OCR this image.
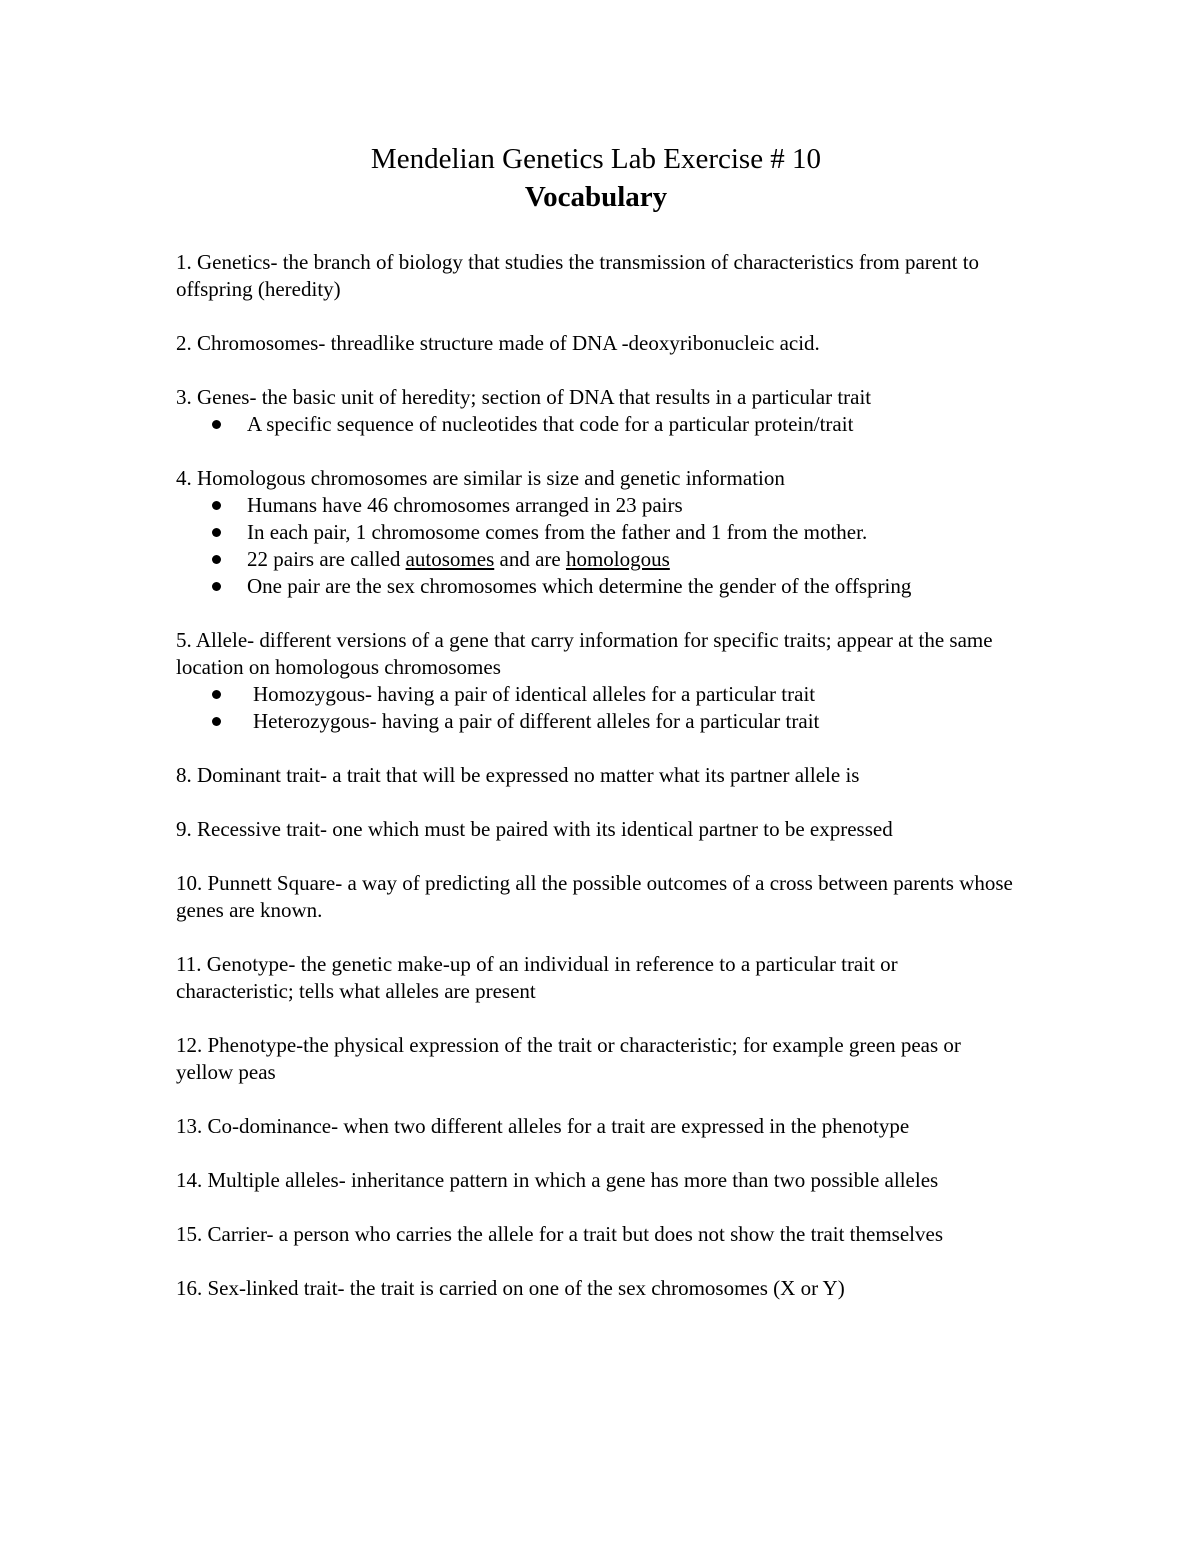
Mendelian Genetics Lab Exercise # 10
Vocabulary

1. Genetics- the branch of biology that studies the transmission of characteristics from parent to offspring (heredity)

2. Chromosomes- threadlike structure made of DNA -deoxyribonucleic acid.

3. Genes- the basic unit of heredity; section of DNA that results in a particular trait

A specific sequence of nucleotides that code for a particular protein/trait

4. Homologous chromosomes are similar is size and genetic information

Humans have 46 chromosomes arranged in 23 pairs
In each pair, 1 chromosome comes from the father and 1 from the mother.
22 pairs are called autosomes and are homologous
One pair are the sex chromosomes which determine the gender of the offspring

5. Allele- different versions of a gene that carry information for specific traits; appear at the same location on homologous chromosomes

Homozygous- having a pair of identical alleles for a particular trait
Heterozygous- having a pair of different alleles for a particular trait

8. Dominant trait- a trait that will be expressed no matter what its partner allele is

9. Recessive trait- one which must be paired with its identical partner to be expressed

10. Punnett Square- a way of predicting all the possible outcomes of a cross between parents whose genes are known.

11. Genotype- the genetic make-up of an individual in reference to a particular trait or characteristic; tells what alleles are present

12. Phenotype-the physical expression of the trait or characteristic; for example green peas or yellow peas

13. Co-dominance- when two different alleles for a trait are expressed in the phenotype

14. Multiple alleles- inheritance pattern in which a gene has more than two possible alleles

15. Carrier- a person who carries the allele for a trait but does not show the trait themselves

16. Sex-linked trait- the trait is carried on one of the sex chromosomes (X or Y)
